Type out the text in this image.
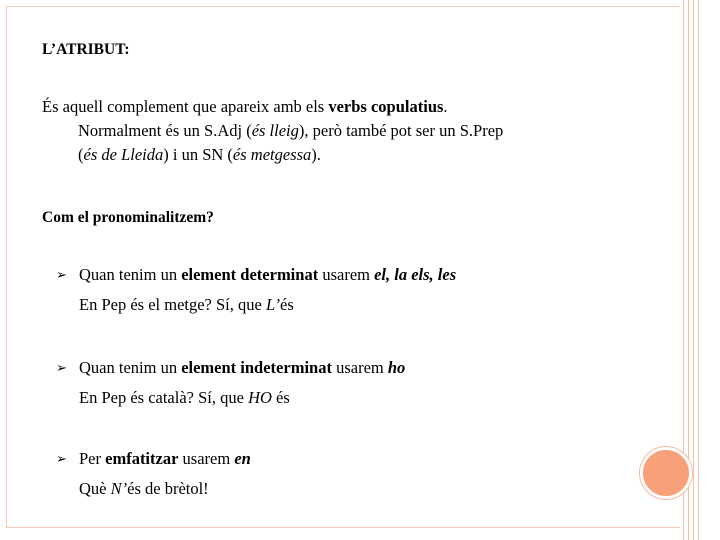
L’ATRIBUT:
És aquell complement que apareix amb els verbs copulatius.
Normalment és un S.Adj (és lleig), però també pot ser un S.Prep
(és de Lleida) i un SN (és metgessa).
Com el pronominalitzem?
➢ Quan tenim un element determinat usarem el, la els, les
En Pep és el metge? Sí, que L’és
➢ Quan tenim un element indeterminat usarem ho
En Pep és català? Sí, que HO és
➢ Per emfatitzar usarem en
Què N’és de brètol!
